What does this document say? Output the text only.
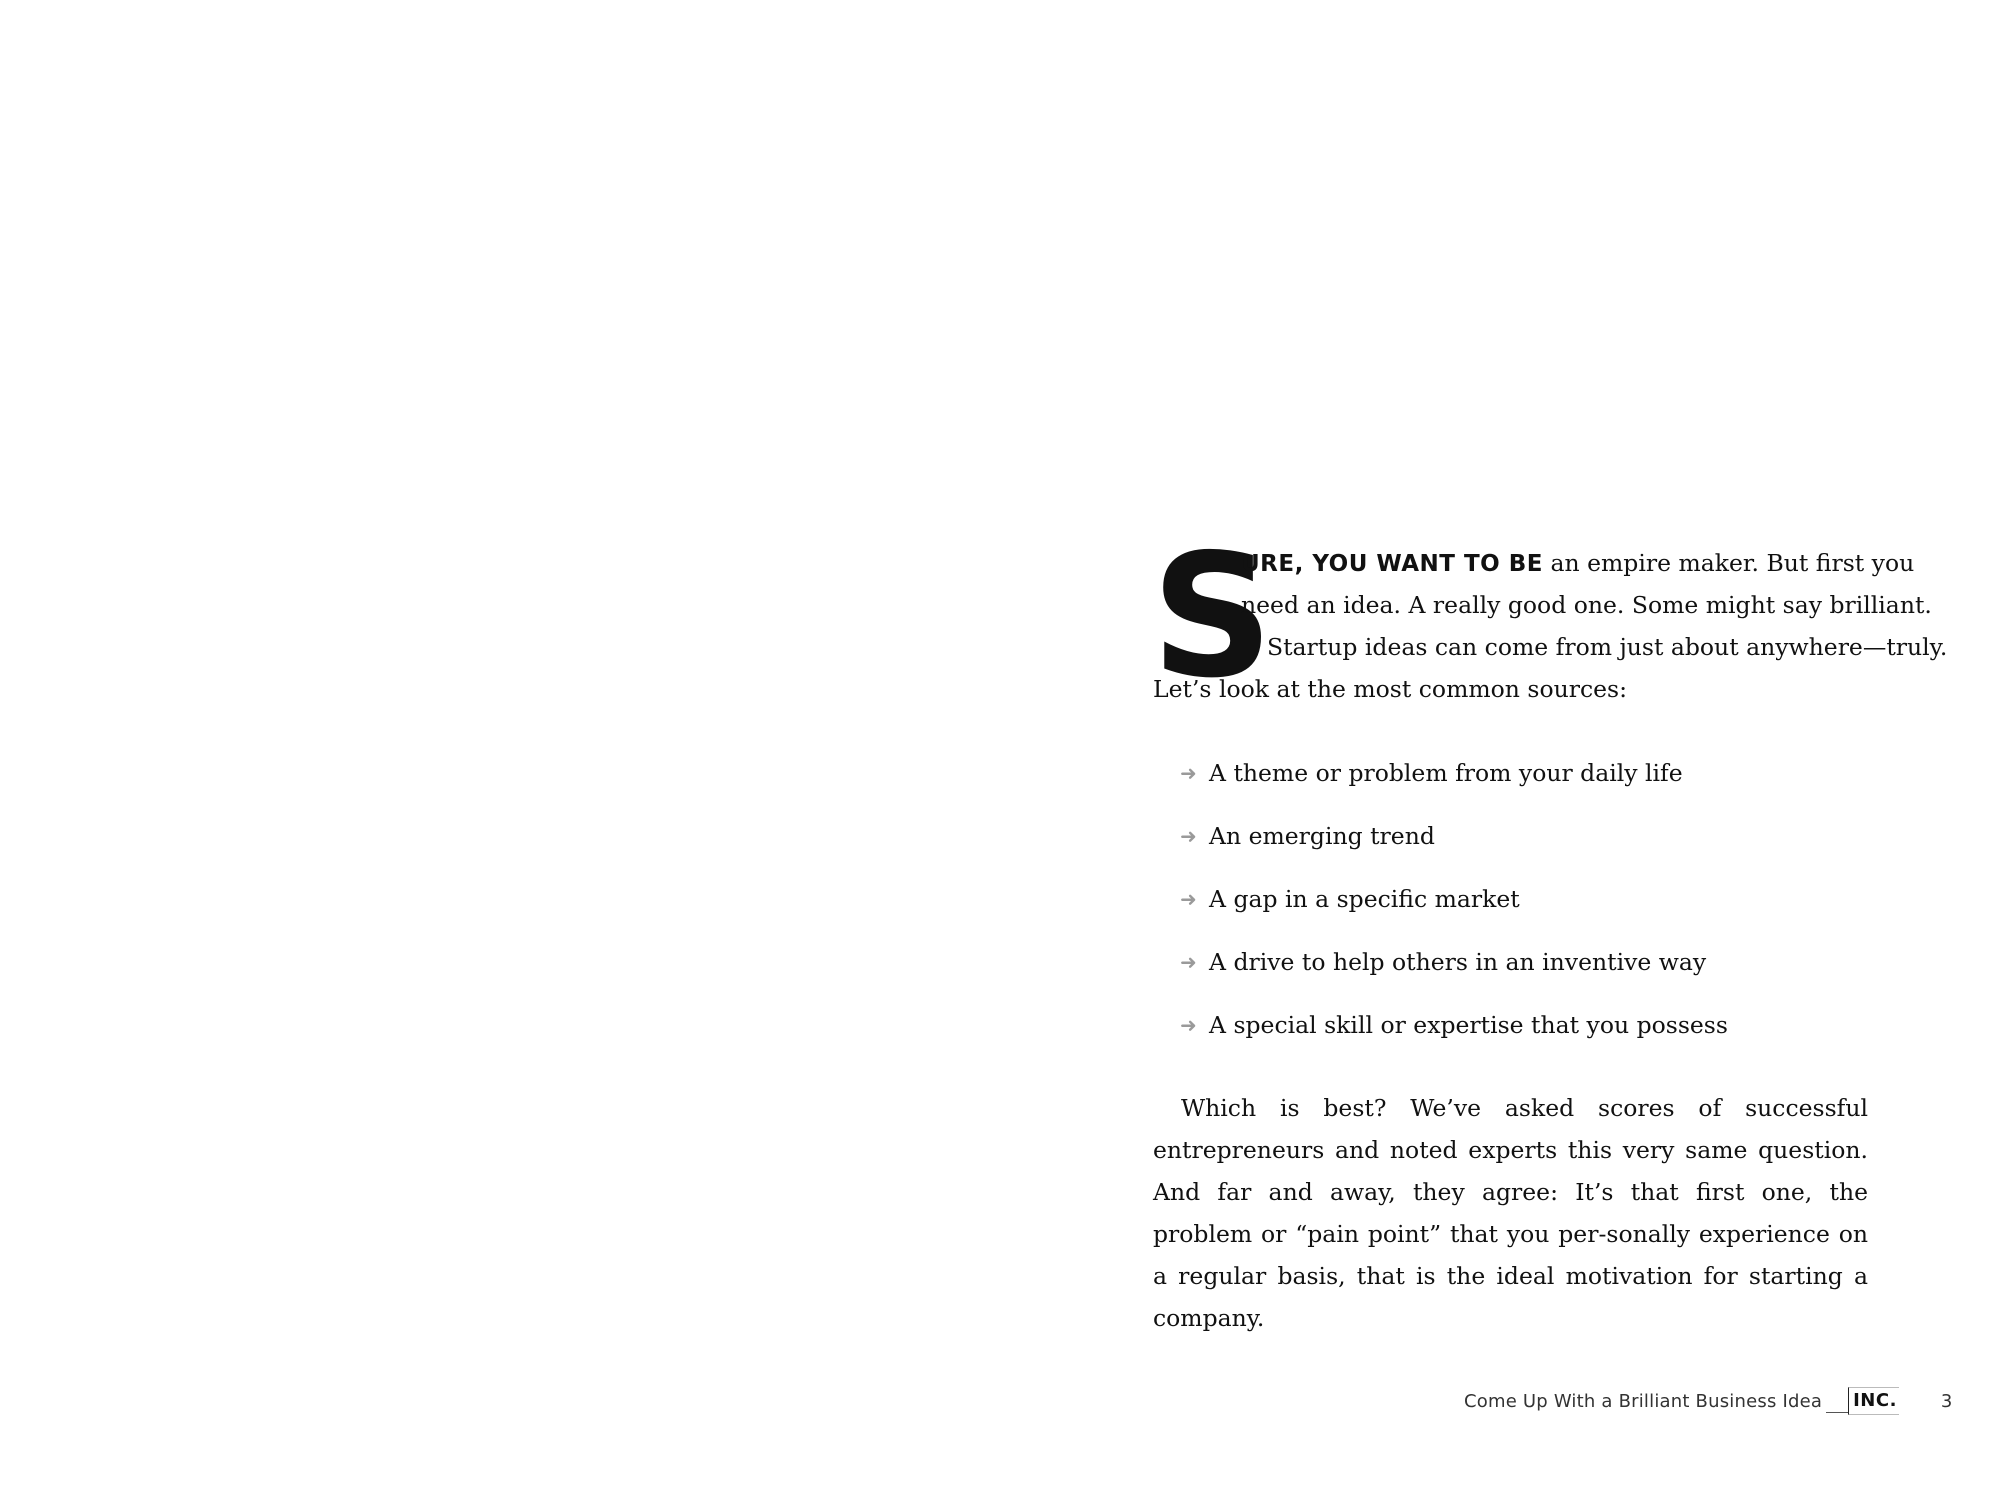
S
URE, YOU WANT TO BE an empire maker. But first you
need an idea. A really good one. Some might say brilliant.
Startup ideas can come from just about anywhere—truly.
Let’s look at the most common sources:
➜ A theme or problem from your daily life
➜ An emerging trend
➜ A gap in a specific market
➜ A drive to help others in an inventive way
➜ A special skill or expertise that you possess

Which is best? We’ve asked scores of successful entrepreneurs and noted experts this very same question. And far and away, they agree: It’s that first one, the problem or “pain point” that you per-sonally experience on a regular basis, that is the ideal motivation for starting a company.

Come Up With a Brilliant Business Idea INC. 3
